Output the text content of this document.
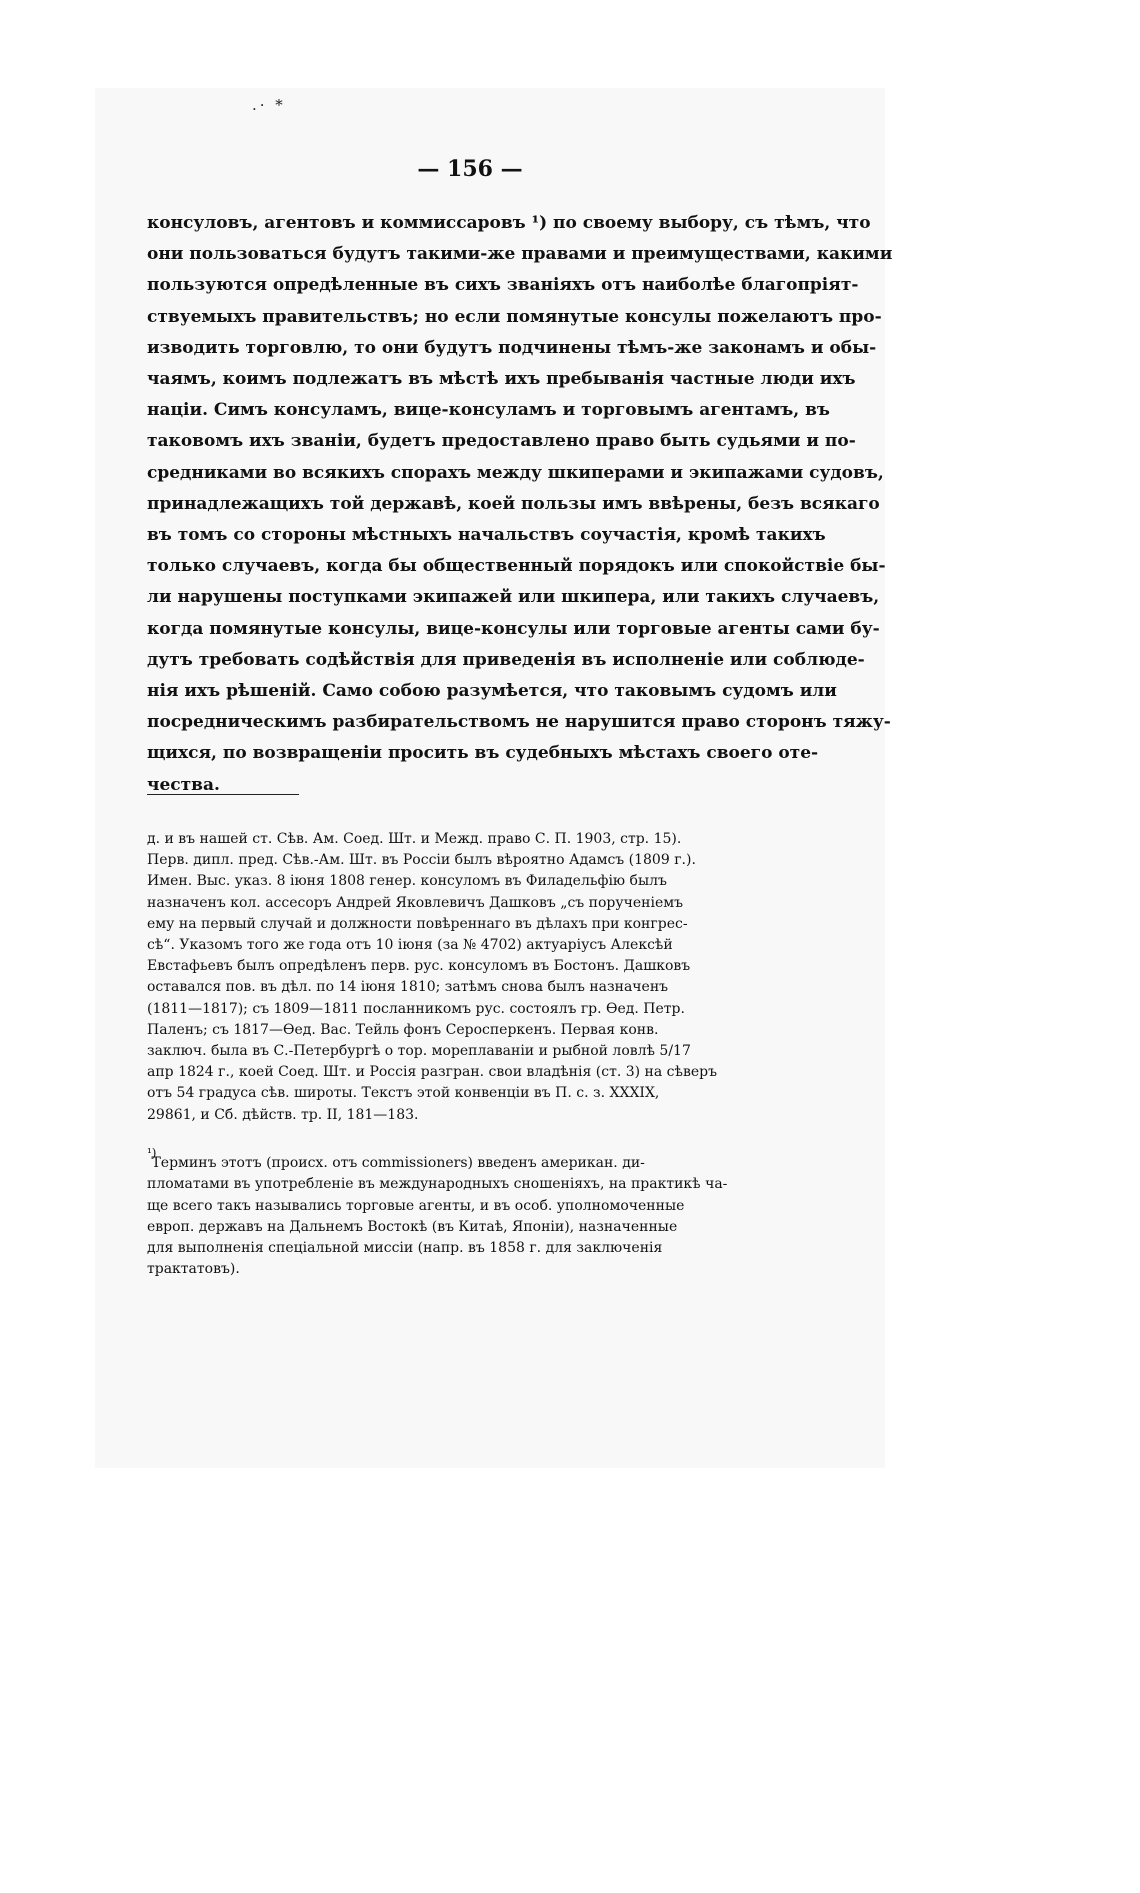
.· *
— 156 —

консуловъ, агентовъ и коммиссаровъ ¹) по своему выбору, съ тѣмъ, что
они пользоваться будутъ такими-же правами и преимуществами, какими
пользуются опредѣленные въ сихъ званіяхъ отъ наиболѣе благопріят-
ствуемыхъ правительствъ; но если помянутые консулы пожелаютъ про-
изводить торговлю, то они будутъ подчинены тѣмъ-же законамъ и обы-
чаямъ, коимъ подлежатъ въ мѣстѣ ихъ пребыванія частные люди ихъ
націи. Симъ консуламъ, вице-консуламъ и торговымъ агентамъ, въ
таковомъ ихъ званіи, будетъ предоставлено право быть судьями и по-
средниками во всякихъ спорахъ между шкиперами и экипажами судовъ,
принадлежащихъ той державѣ, коей пользы имъ ввѣрены, безъ всякаго
въ томъ со стороны мѣстныхъ начальствъ соучастія, кромѣ такихъ
только случаевъ, когда бы общественный порядокъ или спокойствіе бы-
ли нарушены поступками экипажей или шкипера, или такихъ случаевъ,
когда помянутые консулы, вице-консулы или торговые агенты сами бу-
дутъ требовать содѣйствія для приведенія въ исполненіе или соблюде-
нія ихъ рѣшеній. Само собою разумѣется, что таковымъ судомъ или
посредническимъ разбирательствомъ не нарушится право сторонъ тяжу-
щихся, по возвращеніи просить въ судебныхъ мѣстахъ своего оте-
чества.

д. и въ нашей ст. Сѣв. Ам. Соед. Шт. и Межд. право С. П. 1903, стр. 15).
Перв. дипл. пред. Сѣв.-Ам. Шт. въ Россіи былъ вѣроятно Адамсъ (1809 г.).
Имен. Выс. указ. 8 іюня 1808 генер. консуломъ въ Филадельфію былъ
назначенъ кол. ассесоръ Андрей Яковлевичъ Дашковъ „съ порученіемъ
ему на первый случай и должности повѣреннаго въ дѣлахъ при конгрес-
сѣ“. Указомъ того же года отъ 10 іюня (за № 4702) актуаріусъ Алексѣй
Евстафьевъ былъ опредѣленъ перв. рус. консуломъ въ Бостонъ. Дашковъ
оставался пов. въ дѣл. по 14 іюня 1810; затѣмъ снова былъ назначенъ
(1811—1817); съ 1809—1811 посланникомъ рус. состоялъ гр. Ѳед. Петр.
Паленъ; съ 1817—Ѳед. Вас. Тейль фонъ Серосперкенъ. Первая конв.
заключ. была въ С.-Петербургѣ о тор. мореплаваніи и рыбной ловлѣ 5/17
апр 1824 г., коей Соед. Шт. и Россія разгран. свои владѣнія (ст. 3) на сѣверъ
отъ 54 градуса сѣв. широты. Текстъ этой конвенціи въ П. с. з. XXXIX,
29861, и Сб. дѣйств. тр. II, 181—183.

¹)
Терминъ этотъ (происх. отъ commissioners) введенъ американ. ди-
пломатами въ употребленіе въ международныхъ сношеніяхъ, на практикѣ ча-
ще всего такъ назывались торговые агенты, и въ особ. уполномоченные
европ. державъ на Дальнемъ Востокѣ (въ Китаѣ, Японіи), назначенные
для выполненія спеціальной миссіи (напр. въ 1858 г. для заключенія
трактатовъ).
